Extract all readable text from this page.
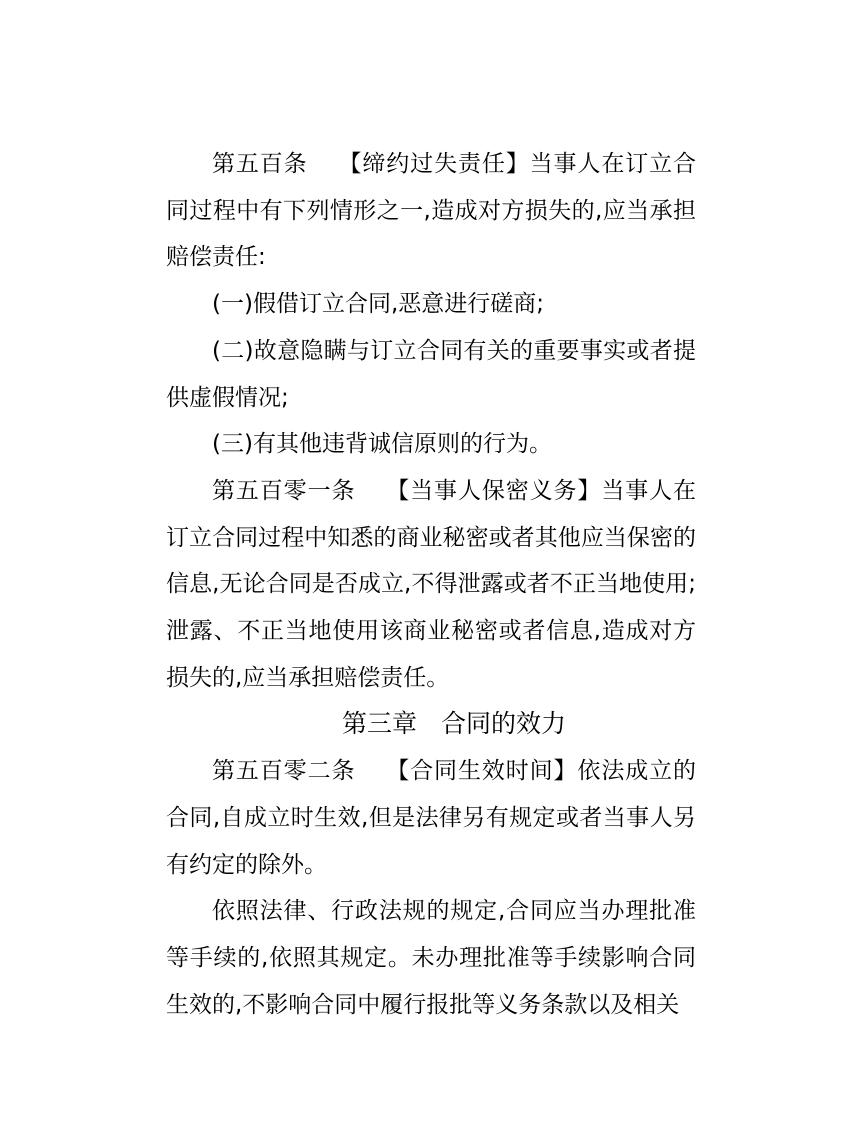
第五百条 【缔约过失责任】当事人在订立合同过程中有下列情形之一,造成对方损失的,应当承担赔偿责任:

(一)假借订立合同,恶意进行磋商;

(二)故意隐瞒与订立合同有关的重要事实或者提供虚假情况;

(三)有其他违背诚信原则的行为。

第五百零一条 【当事人保密义务】当事人在订立合同过程中知悉的商业秘密或者其他应当保密的信息,无论合同是否成立,不得泄露或者不正当地使用;泄露、不正当地使用该商业秘密或者信息,造成对方损失的,应当承担赔偿责任。

第三章 合同的效力

第五百零二条 【合同生效时间】依法成立的合同,自成立时生效,但是法律另有规定或者当事人另有约定的除外。

依照法律、行政法规的规定,合同应当办理批准等手续的,依照其规定。未办理批准等手续影响合同生效的,不影响合同中履行报批等义务条款以及相关
